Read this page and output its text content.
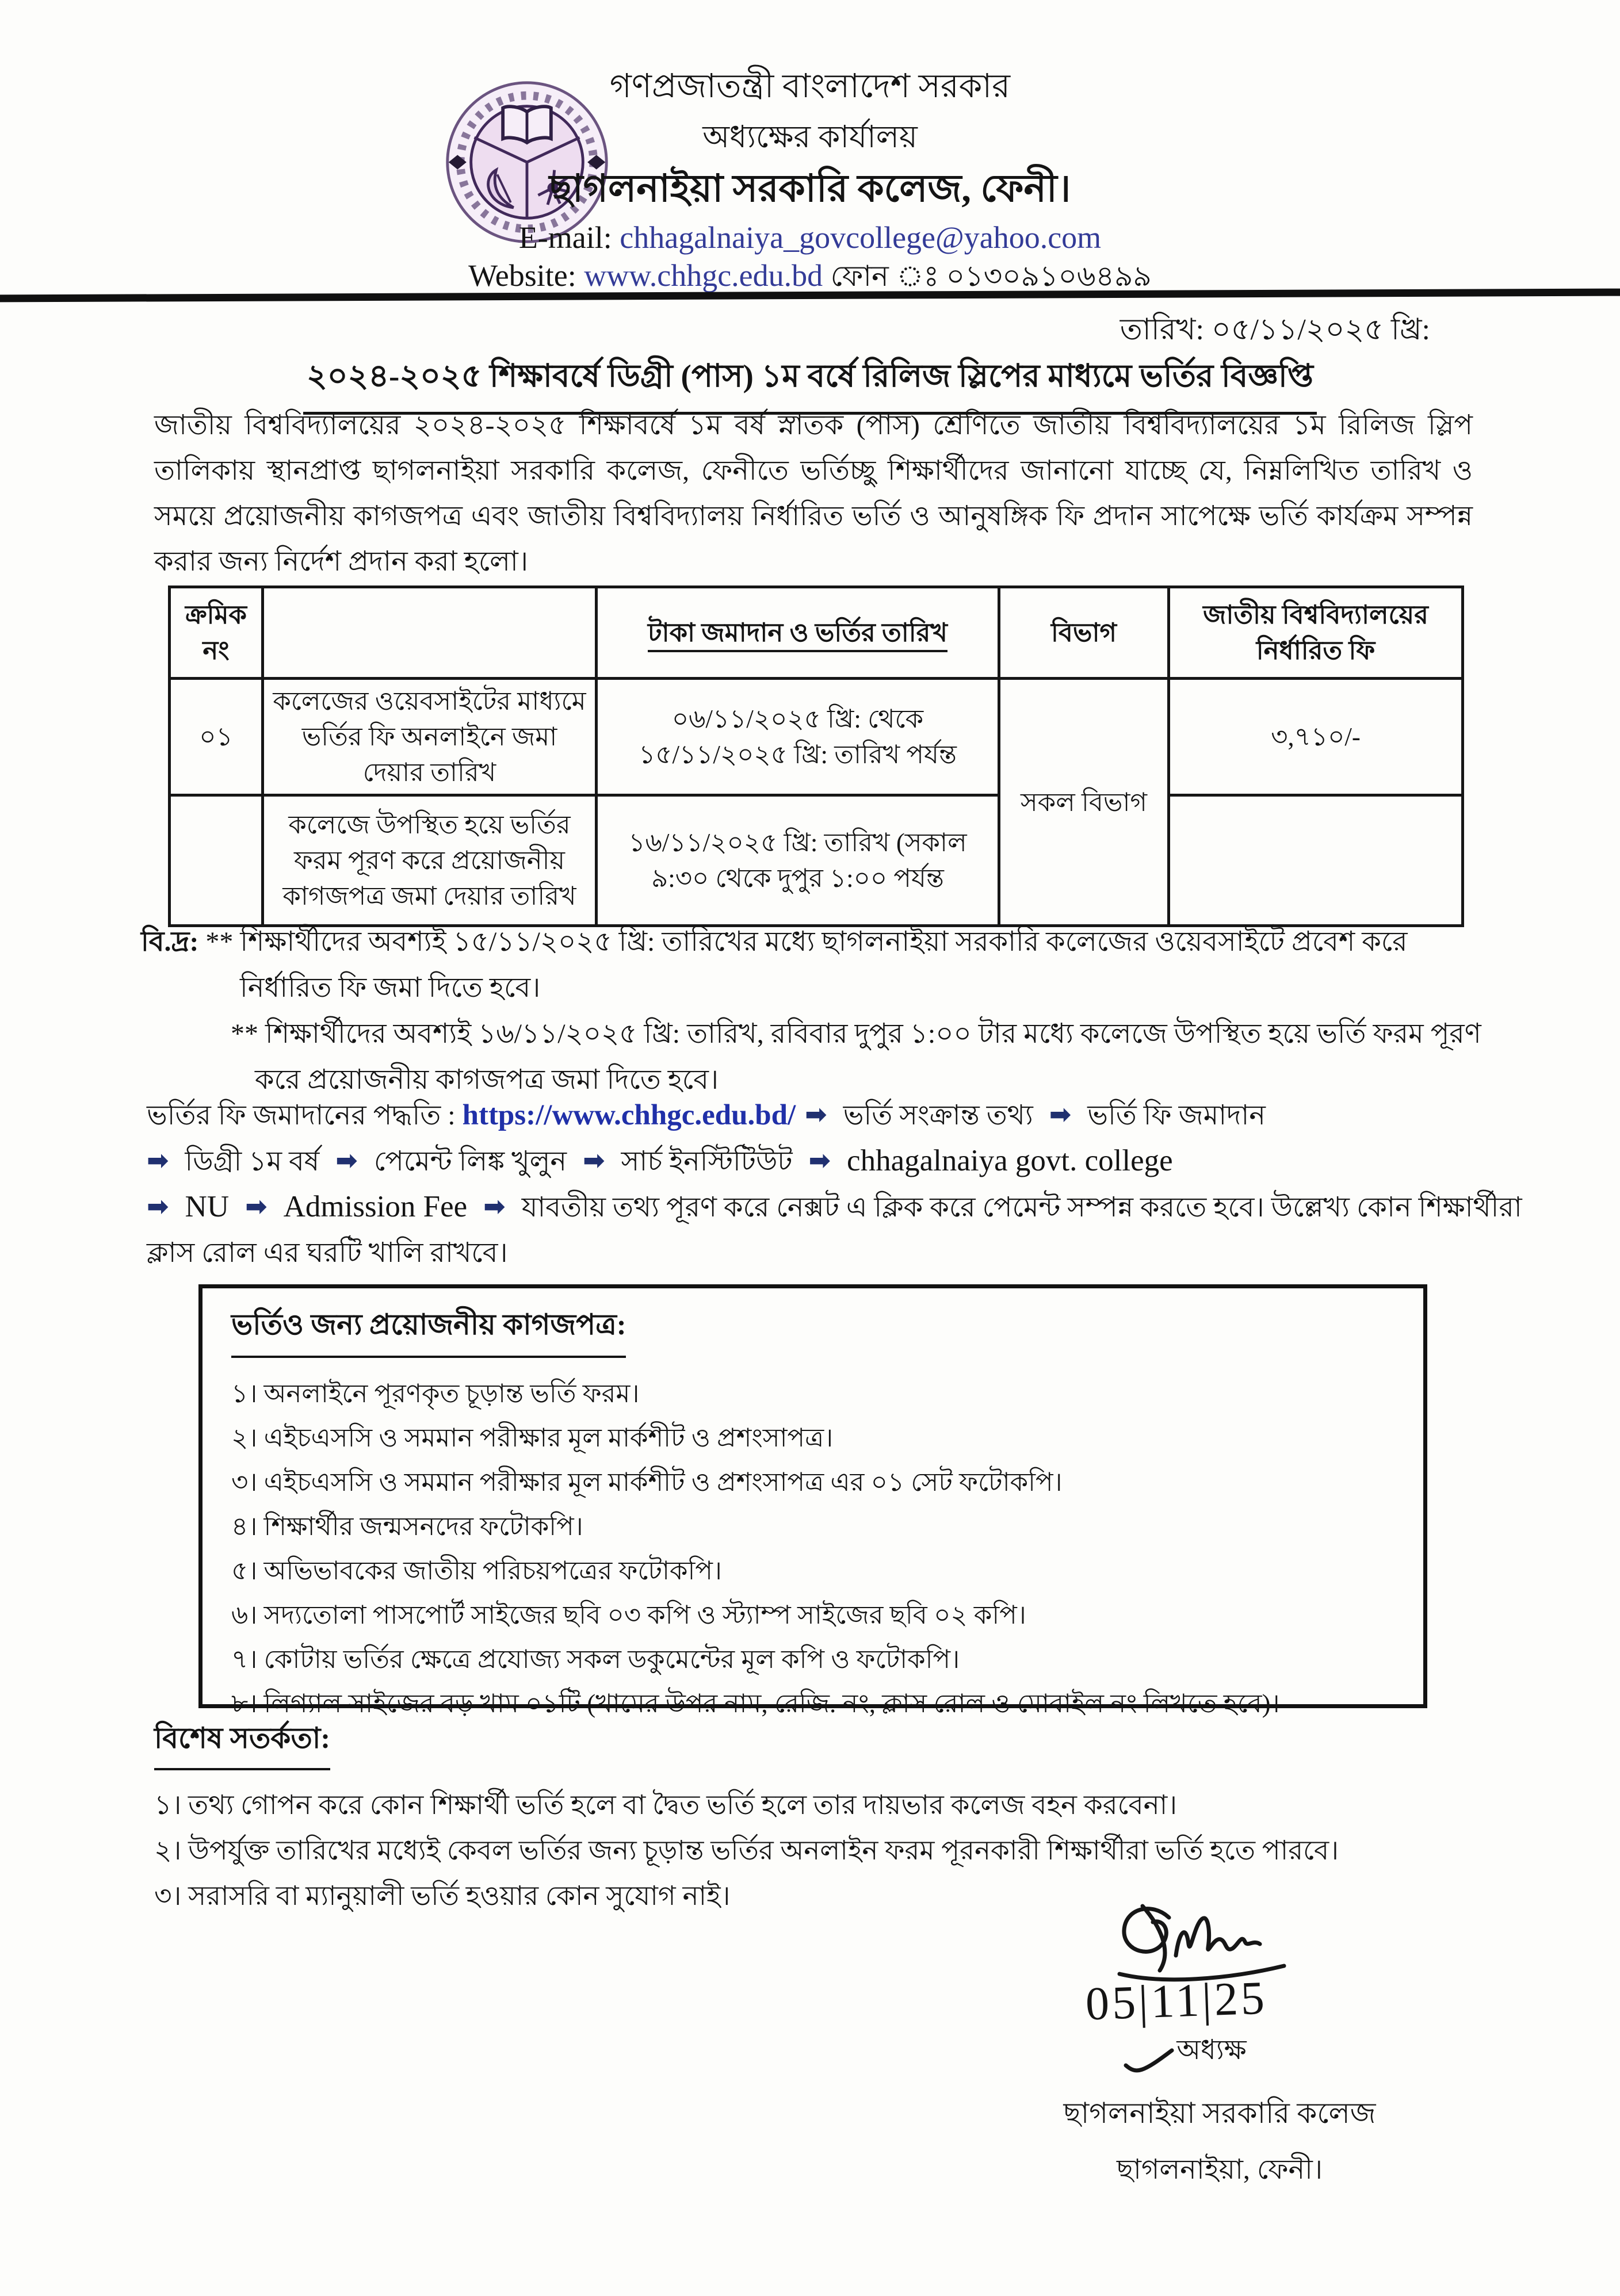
গণপ্রজাতন্ত্রী বাংলাদেশ সরকার
অধ্যক্ষের কার্যালয়
ছাগলনাইয়া সরকারি কলেজ, ফেনী।
E-mail: chhagalnaiya_govcollege@yahoo.com
Website: www.chhgc.edu.bd ফোন ঃ ০১৩০৯১০৬৪৯৯
তারিখ: ০৫/১১/২০২৫ খ্রি:
২০২৪-২০২৫ শিক্ষাবর্ষে ডিগ্রী (পাস) ১ম বর্ষে রিলিজ স্লিপের মাধ্যমে ভর্তির বিজ্ঞপ্তি
জাতীয় বিশ্ববিদ্যালয়ের ২০২৪-২০২৫ শিক্ষাবর্ষে ১ম বর্ষ স্নাতক (পাস) শ্রেণিতে জাতীয় বিশ্ববিদ্যালয়ের ১ম রিলিজ স্লিপ তালিকায় স্থানপ্রাপ্ত ছাগলনাইয়া সরকারি কলেজ, ফেনীতে ভর্তিচ্ছু শিক্ষার্থীদের জানানো যাচ্ছে যে, নিম্নলিখিত তারিখ ও সময়ে প্রয়োজনীয় কাগজপত্র এবং জাতীয় বিশ্ববিদ্যালয় নির্ধারিত ভর্তি ও আনুষঙ্গিক ফি প্রদান সাপেক্ষে ভর্তি কার্যক্রম সম্পন্ন করার জন্য নির্দেশ প্রদান করা হলো।
ক্রমিক নং		টাকা জমাদান ও ভর্তির তারিখ	বিভাগ	জাতীয় বিশ্ববিদ্যালয়ের নির্ধারিত ফি
০১	কলেজের ওয়েবসাইটের মাধ্যমে ভর্তির ফি অনলাইনে জমা দেয়ার তারিখ	০৬/১১/২০২৫ খ্রি: থেকে ১৫/১১/২০২৫ খ্রি: তারিখ পর্যন্ত	সকল বিভাগ	৩,৭১০/-
	কলেজে উপস্থিত হয়ে ভর্তির ফরম পূরণ করে প্রয়োজনীয় কাগজপত্র জমা দেয়ার তারিখ	১৬/১১/২০২৫ খ্রি: তারিখ (সকাল ৯:৩০ থেকে দুপুর ১:০০ পর্যন্ত		

বি.দ্র: ** শিক্ষার্থীদের অবশ্যই ১৫/১১/২০২৫ খ্রি: তারিখের মধ্যে ছাগলনাইয়া সরকারি কলেজের ওয়েবসাইটে প্রবেশ করে নির্ধারিত ফি জমা দিতে হবে।

** শিক্ষার্থীদের অবশ্যই ১৬/১১/২০২৫ খ্রি: তারিখ, রবিবার দুপুর ১:০০ টার মধ্যে কলেজে উপস্থিত হয়ে ভর্তি ফরম পূরণ করে প্রয়োজনীয় কাগজপত্র জমা দিতে হবে।

ভর্তির ফি জমাদানের পদ্ধতি : https://www.chhgc.edu.bd/ ➡ ভর্তি সংক্রান্ত তথ্য ➡ ভর্তি ফি জমাদান
➡ ডিগ্রী ১ম বর্ষ ➡ পেমেন্ট লিঙ্ক খুলুন ➡ সার্চ ইনস্টিটিউট ➡ chhagalnaiya govt. college
➡ NU ➡ Admission Fee ➡ যাবতীয় তথ্য পূরণ করে নেক্সট এ ক্লিক করে পেমেন্ট সম্পন্ন করতে হবে। উল্লেখ্য কোন শিক্ষার্থীরা ক্লাস রোল এর ঘরটি খালি রাখবে।
ভর্তিও জন্য প্রয়োজনীয় কাগজপত্র:
১। অনলাইনে পূরণকৃত চূড়ান্ত ভর্তি ফরম।
২। এইচএসসি ও সমমান পরীক্ষার মূল মার্কশীট ও প্রশংসাপত্র।
৩। এইচএসসি ও সমমান পরীক্ষার মূল মার্কশীট ও প্রশংসাপত্র এর ০১ সেট ফটোকপি।
৪। শিক্ষার্থীর জন্মসনদের ফটোকপি।
৫। অভিভাবকের জাতীয় পরিচয়পত্রের ফটোকপি।
৬। সদ্যতোলা পাসপোর্ট সাইজের ছবি ০৩ কপি ও স্ট্যাম্প সাইজের ছবি ০২ কপি।
৭। কোটায় ভর্তির ক্ষেত্রে প্রযোজ্য সকল ডকুমেন্টের মূল কপি ও ফটোকপি।
৮। লিগ্যাল সাইজের বড় খাম ০১টি (খামের উপর নাম, রেজি. নং, ক্লাস রোল ও মোবাইল নং লিখতে হবে)।
বিশেষ সতর্কতা:
১। তথ্য গোপন করে কোন শিক্ষার্থী ভর্তি হলে বা দ্বৈত ভর্তি হলে তার দায়ভার কলেজ বহন করবেনা।
২। উপর্যুক্ত তারিখের মধ্যেই কেবল ভর্তির জন্য চূড়ান্ত ভর্তির অনলাইন ফরম পূরনকারী শিক্ষার্থীরা ভর্তি হতে পারবে।
৩। সরাসরি বা ম্যানুয়ালী ভর্তি হওয়ার কোন সুযোগ নাই।
05|11|25
অধ্যক্ষ
ছাগলনাইয়া সরকারি কলেজ
ছাগলনাইয়া, ফেনী।
